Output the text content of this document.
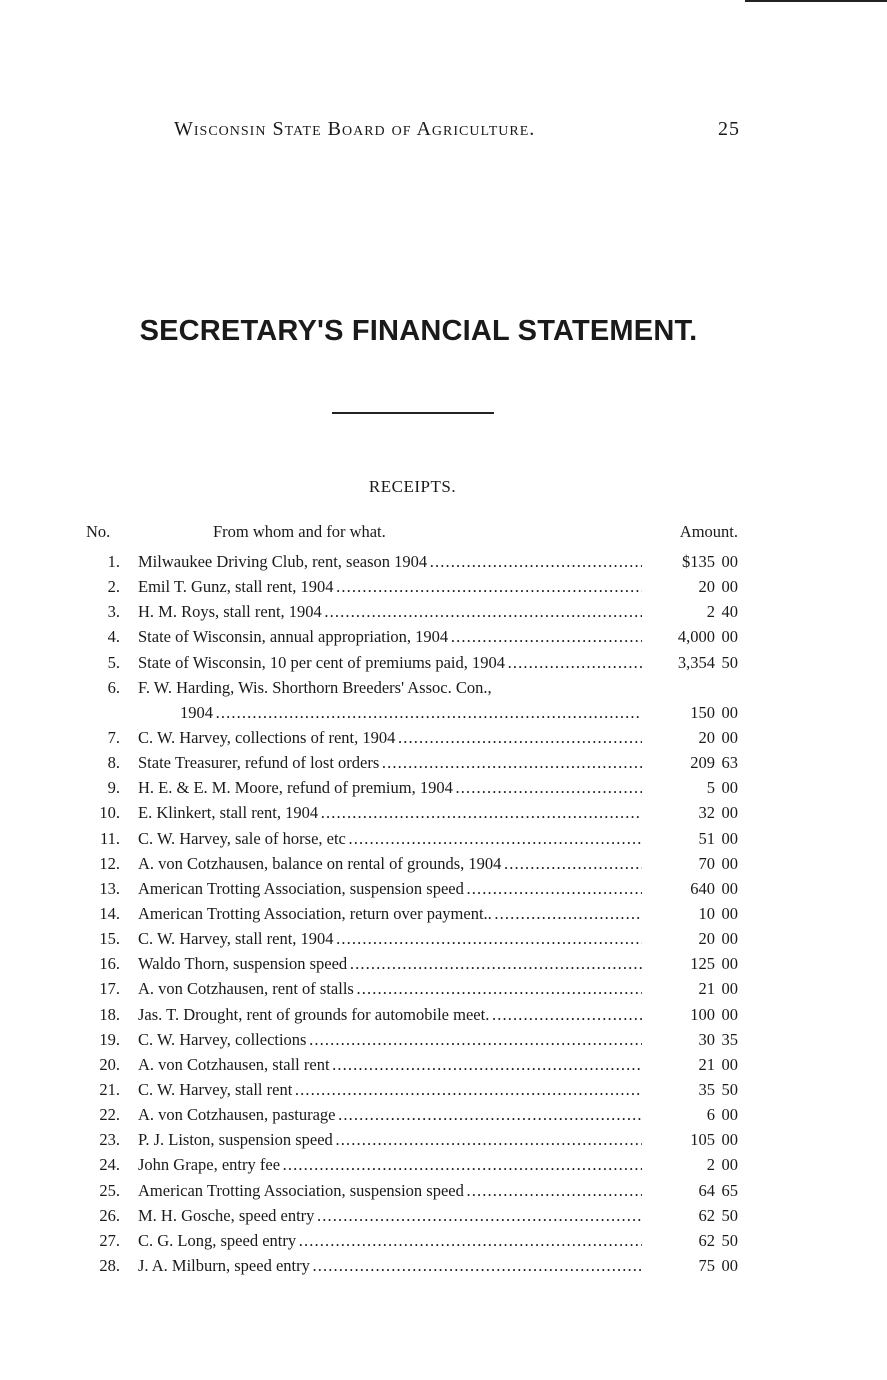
Wisconsin State Board of Agriculture.	25
SECRETARY'S FINANCIAL STATEMENT.
RECEIPTS.
No.	From whom and for what.	Amount.
1. Milwaukee Driving Club, rent, season 1904 . . .	$135 00
2. Emil T. Gunz, stall rent, 1904 . . .	20 00
3. H. M. Roys, stall rent, 1904 . . .	2 40
4. State of Wisconsin, annual appropriation, 1904 . . .	4,000 00
5. State of Wisconsin, 10 per cent of premiums paid, 1904 . . .	3,354 50
6. F. W. Harding, Wis. Shorthorn Breeders' Assoc. Con.,
1904 . . .	150 00
7. C. W. Harvey, collections of rent, 1904 . . .	20 00
8. State Treasurer, refund of lost orders . . .	209 63
9. H. E. & E. M. Moore, refund of premium, 1904 . . .	5 00
10. E. Klinkert, stall rent, 1904 . . .	32 00
11. C. W. Harvey, sale of horse, etc . . .	51 00
12. A. von Cotzhausen, balance on rental of grounds, 1904 . . .	70 00
13. American Trotting Association, suspension speed . . .	640 00
14. American Trotting Association, return over payment.. . . .	10 00
15. C. W. Harvey, stall rent, 1904 . . .	20 00
16. Waldo Thorn, suspension speed . . .	125 00
17. A. von Cotzhausen, rent of stalls . . .	21 00
18. Jas. T. Drought, rent of grounds for automobile meet. . . .	100 00
19. C. W. Harvey, collections . . .	30 35
20. A. von Cotzhausen, stall rent . . .	21 00
21. C. W. Harvey, stall rent . . .	35 50
22. A. von Cotzhausen, pasturage . . .	6 00
23. P. J. Liston, suspension speed . . .	105 00
24. John Grape, entry fee . . .	2 00
25. American Trotting Association, suspension speed . . .	64 65
26. M. H. Gosche, speed entry . . .	62 50
27. C. G. Long, speed entry . . .	62 50
28. J. A. Milburn, speed entry . . .	75 00
